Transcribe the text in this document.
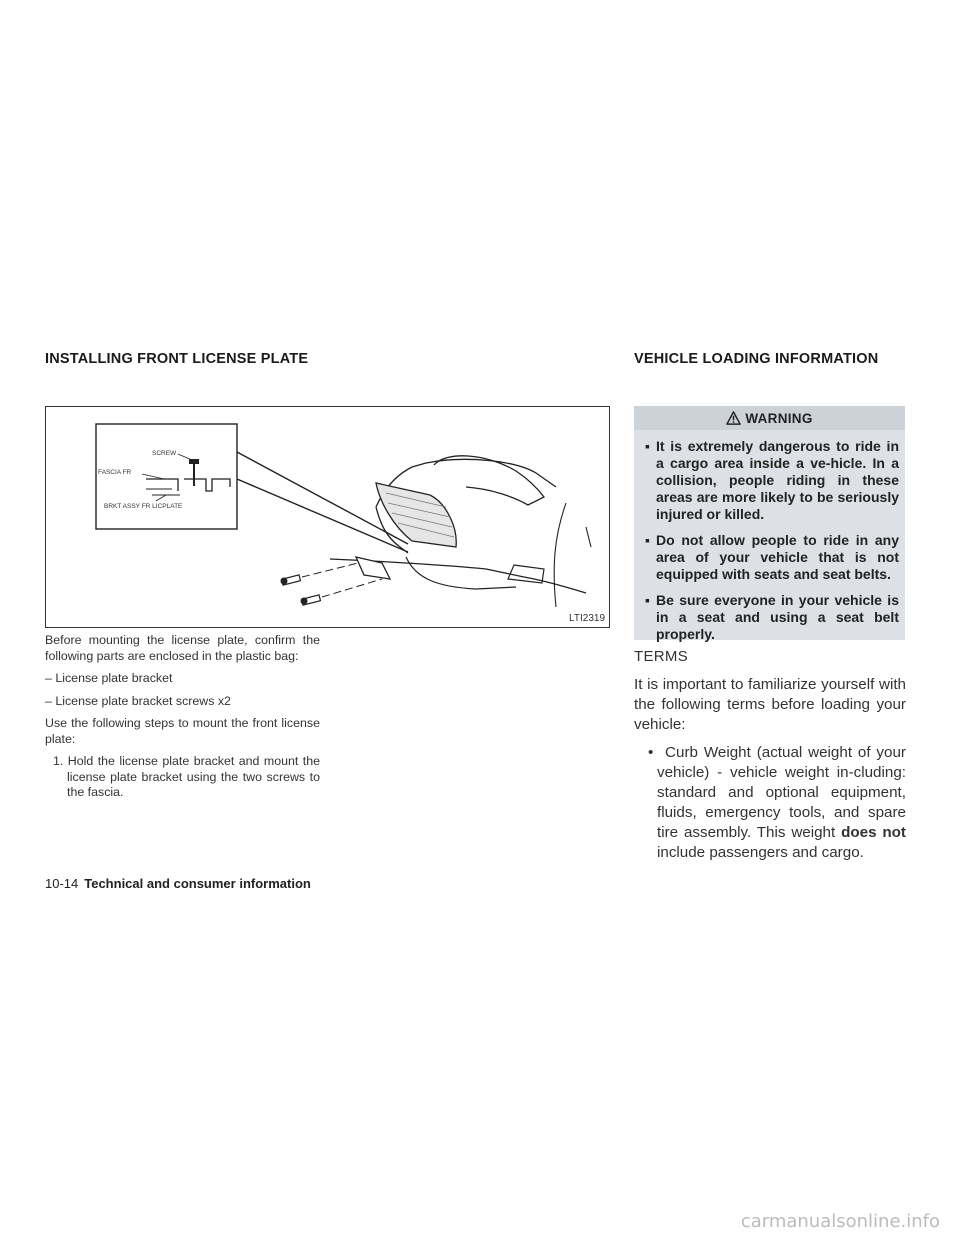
INSTALLING FRONT LICENSE PLATE	VEHICLE LOADING INFORMATION
SCREW
FASCIA FR
BRKT ASSY FR LICPLATE
LTI2319

Before mounting the license plate, confirm the following parts are enclosed in the plastic bag:

– License plate bracket
– License plate bracket screws x2

Use the following steps to mount the front license plate:

1. Hold the license plate bracket and mount the license plate bracket using the two screws to the fascia.
WARNING
▪ It is extremely dangerous to ride in a cargo area inside a ve-hicle. In a collision, people riding in these areas are more likely to be seriously injured or killed.
▪ Do not allow people to ride in any area of your vehicle that is not equipped with seats and seat belts.
▪ Be sure everyone in your vehicle is in a seat and using a seat belt properly.
TERMS
It is important to familiarize yourself with the following terms before loading your vehicle:
•  Curb Weight (actual weight of your vehicle) - vehicle weight in-cluding: standard and optional equipment, fluids, emergency tools, and spare tire assembly. This weight does not include passengers and cargo.
10-14 Technical and consumer information
carmanualsonline.info
